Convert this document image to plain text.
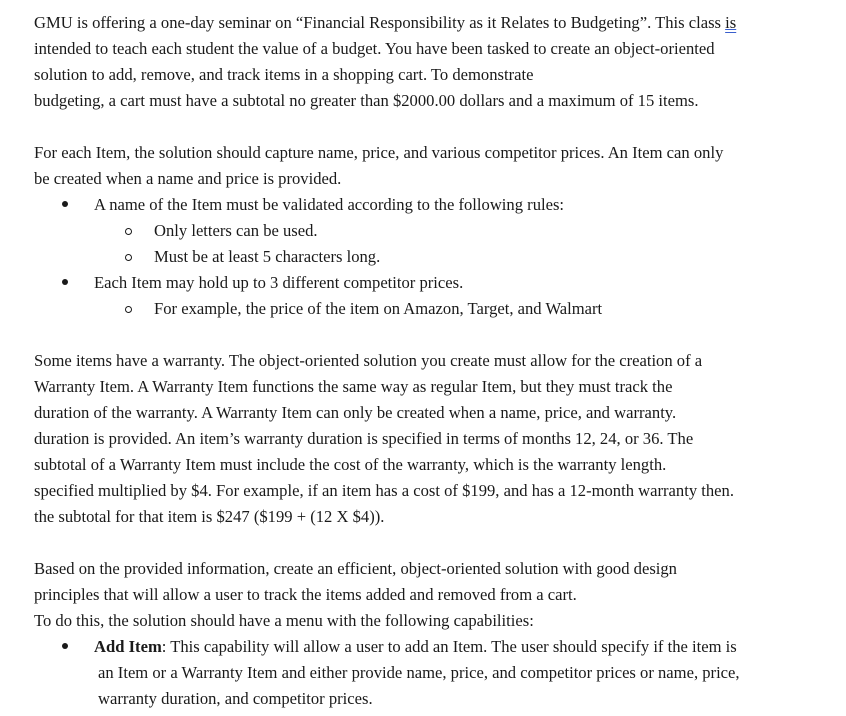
GMU is offering a one-day seminar on “Financial Responsibility as it Relates to Budgeting”. This class is
intended to teach each student the value of a budget. You have been tasked to create an object-oriented
solution to add, remove, and track items in a shopping cart. To demonstrate
budgeting, a cart must have a subtotal no greater than $2000.00 dollars and a maximum of 15 items.
For each Item, the solution should capture name, price, and various competitor prices. An Item can only
be created when a name and price is provided.
A name of the Item must be validated according to the following rules:
Only letters can be used.
Must be at least 5 characters long.
Each Item may hold up to 3 different competitor prices.
For example, the price of the item on Amazon, Target, and Walmart
Some items have a warranty. The object-oriented solution you create must allow for the creation of a
Warranty Item. A Warranty Item functions the same way as regular Item, but they must track the
duration of the warranty. A Warranty Item can only be created when a name, price, and warranty.
duration is provided. An item’s warranty duration is specified in terms of months 12, 24, or 36. The
subtotal of a Warranty Item must include the cost of the warranty, which is the warranty length.
specified multiplied by $4. For example, if an item has a cost of $199, and has a 12-month warranty then.
the subtotal for that item is $247 ($199 + (12 X $4)).
Based on the provided information, create an efficient, object-oriented solution with good design
principles that will allow a user to track the items added and removed from a cart.
To do this, the solution should have a menu with the following capabilities:
Add Item: This capability will allow a user to add an Item. The user should specify if the item is
an Item or a Warranty Item and either provide name, price, and competitor prices or name, price,
warranty duration, and competitor prices.
